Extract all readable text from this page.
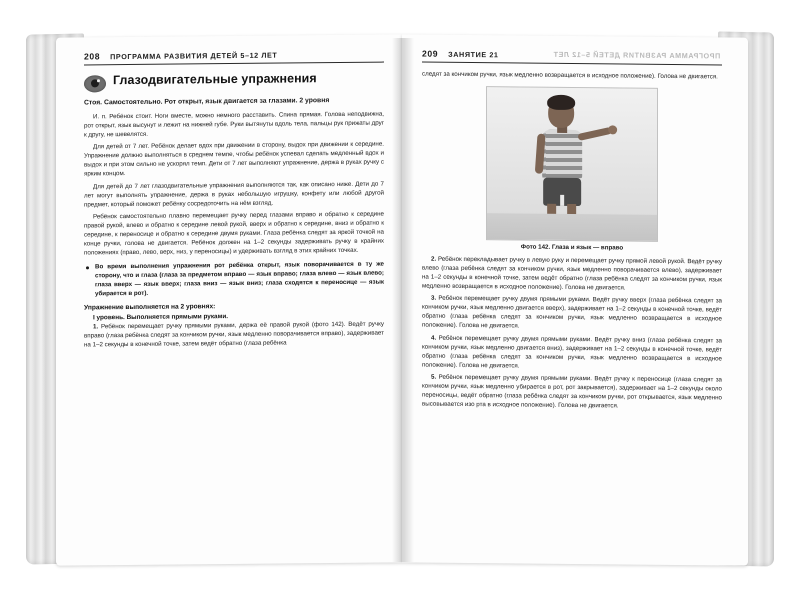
208 ПРОГРАММА РАЗВИТИЯ ДЕТЕЙ 5–12 ЛЕТ
Глазодвигательные упражнения

Стоя. Самостоятельно. Рот открыт, язык двигается за глазами. 2 уровня

И. п. Ребёнок стоит. Ноги вместе, можно немного расставить. Спина прямая. Голова неподвижна, рот открыт, язык высунут и лежит на нижней губе. Руки вытянуты вдоль тела, пальцы рук прижаты друг к другу, не шевелятся.

Для детей от 7 лет. Ребёнок делает вдох при движении в сторону, выдох при движении к середине. Упражнение должно выполняться в среднем темпе, чтобы ребёнок успевал сделать медленный вдох и выдох и при этом сильно не ускорял темп. Дети от 7 лет выполняют упражнение, держа в руках ручку с ярким концом.

Для детей до 7 лет глазодвигательные упражнения выполняются так, как описано ниже. Дети до 7 лет могут выполнять упражнение, держа в руках небольшую игрушку, конфету или любой другой предмет, который поможет ребёнку сосредоточить на нём взгляд.

Ребёнок самостоятельно плавно перемещает ручку перед глазами вправо и обратно к середине правой рукой, влево и обратно к середине левой рукой, вверх и обратно к середине, вниз и обратно к середине, к переносице и обратно к середине двумя руками. Глаза ребёнка следят за яркой точкой на конце ручки, голова не двигается. Ребёнок должен на 1–2 секунды задерживать ручку в крайних положениях (право, лево, верх, низ, у переносицы) и удерживать взгляд в этих крайних точках.

Во время выполнения упражнения рот ребёнка открыт, язык поворачивается в ту же сторону, что и глаза (глаза за предметом вправо — язык вправо; глаза влево — язык влево; глаза вверх — язык вверх; глаза вниз — язык вниз; глаза сходятся к переносице — язык убирается в рот).
Упражнение выполняется на 2 уровнях:
I уровень. Выполняется прямыми руками.
1. Ребёнок перемещает ручку прямыми руками, держа её правой рукой (фото 142). Ведёт ручку вправо (глаза ребёнка следят за кончиком ручки, язык медленно поворачивается вправо), задерживает на 1–2 секунды в конечной точке, затем ведёт обратно (глаза ребёнка
209 ЗАНЯТИЕ 21	ПРОГРАММА РАЗВИТИЯ ДЕТЕЙ 5–12 ЛЕТ

следят за кончиком ручки, язык медленно возвращается в исходное положение). Голова не двигается.

Фото 142. Глаза и язык — вправо
2. Ребёнок перекладывает ручку в левую руку и перемещает ручку прямой левой рукой. Ведёт ручку влево (глаза ребёнка следят за кончиком ручки, язык медленно поворачивается влево), задерживает на 1–2 секунды в конечной точке, затем ведёт обратно (глаза ребёнка следят за кончиком ручки, язык медленно возвращается в исходное положение). Голова не двигается.
3. Ребёнок перемещает ручку двумя прямыми руками. Ведёт ручку вверх (глаза ребёнка следят за кончиком ручки, язык медленно двигается вверх), задерживает на 1–2 секунды в конечной точке, ведёт обратно (глаза ребёнка следят за кончиком ручки, язык медленно возвращается в исходное положение). Голова не двигается.
4. Ребёнок перемещает ручку двумя прямыми руками. Ведёт ручку вниз (глаза ребёнка следят за кончиком ручки, язык медленно двигается вниз), задерживает на 1–2 секунды в конечной точке, ведёт обратно (глаза ребёнка следят за кончиком ручки, язык медленно возвращается в исходное положение). Голова не двигается.
5. Ребёнок перемещает ручку двумя прямыми руками. Ведёт ручку к переносице (глаза следят за кончиком ручки, язык медленно убирается в рот, рот закрывается), задерживает на 1–2 секунды около переносицы, ведёт обратно (глаза ребёнка следят за кончиком ручки, рот открывается, язык медленно высовывается изо рта в исходное положение). Голова не двигается.
